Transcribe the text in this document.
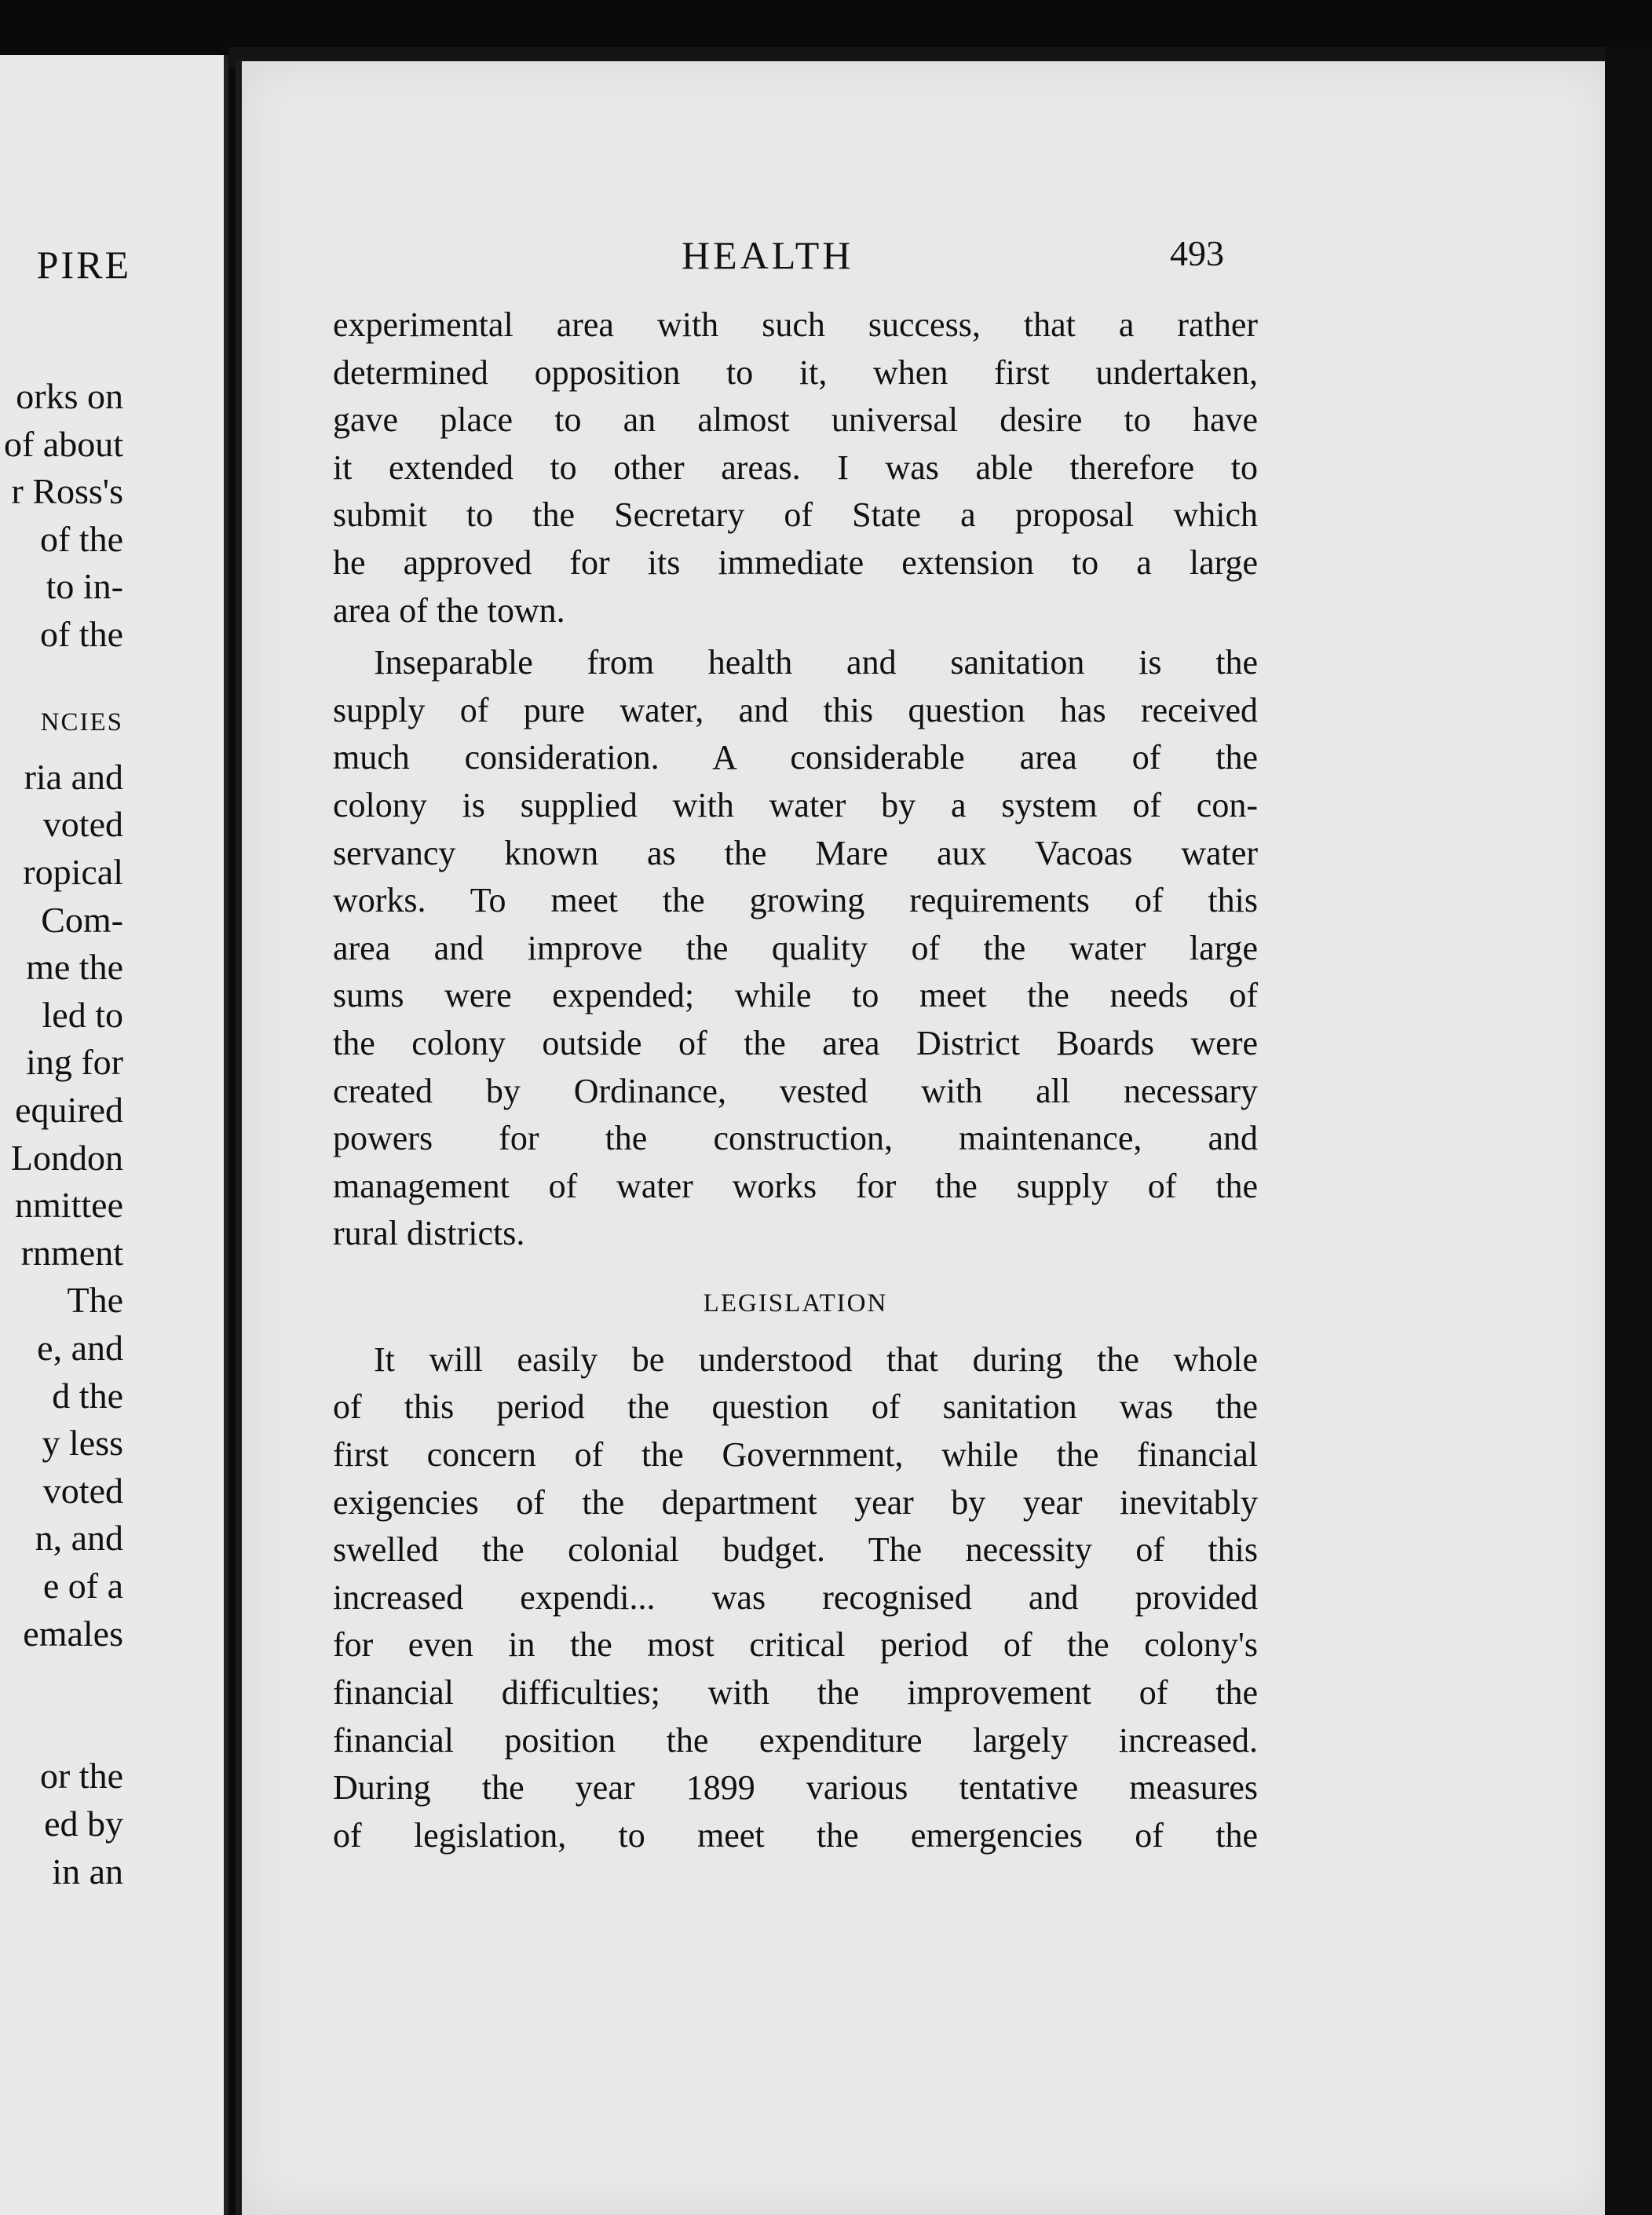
PIRE
orks on
of about
r Ross's
of the
to in-
of the
NCIES
ria and
voted
ropical
Com-
me the
led to
ing for
equired
London
nmittee
rnment
The
e, and
d the
y less
voted
n, and
e of a
emales
or the
ed by
in an
HEALTH	493
experimental area with such success, that a rather
determined opposition to it, when first undertaken,
gave place to an almost universal desire to have
it extended to other areas. I was able therefore to
submit to the Secretary of State a proposal which
he approved for its immediate extension to a large
area of the town.
Inseparable from health and sanitation is the
supply of pure water, and this question has received
much consideration. A considerable area of the
colony is supplied with water by a system of con-
servancy known as the Mare aux Vacoas water
works. To meet the growing requirements of this
area and improve the quality of the water large
sums were expended; while to meet the needs of
the colony outside of the area District Boards were
created by Ordinance, vested with all necessary
powers for the construction, maintenance, and
management of water works for the supply of the
rural districts.
LEGISLATION
It will easily be understood that during the whole
of this period the question of sanitation was the
first concern of the Government, while the financial
exigencies of the department year by year inevitably
swelled the colonial budget. The necessity of this
increased expendi... was recognised and provided
for even in the most critical period of the colony's
financial difficulties; with the improvement of the
financial position the expenditure largely increased.
During the year 1899 various tentative measures
of legislation, to meet the emergencies of the
